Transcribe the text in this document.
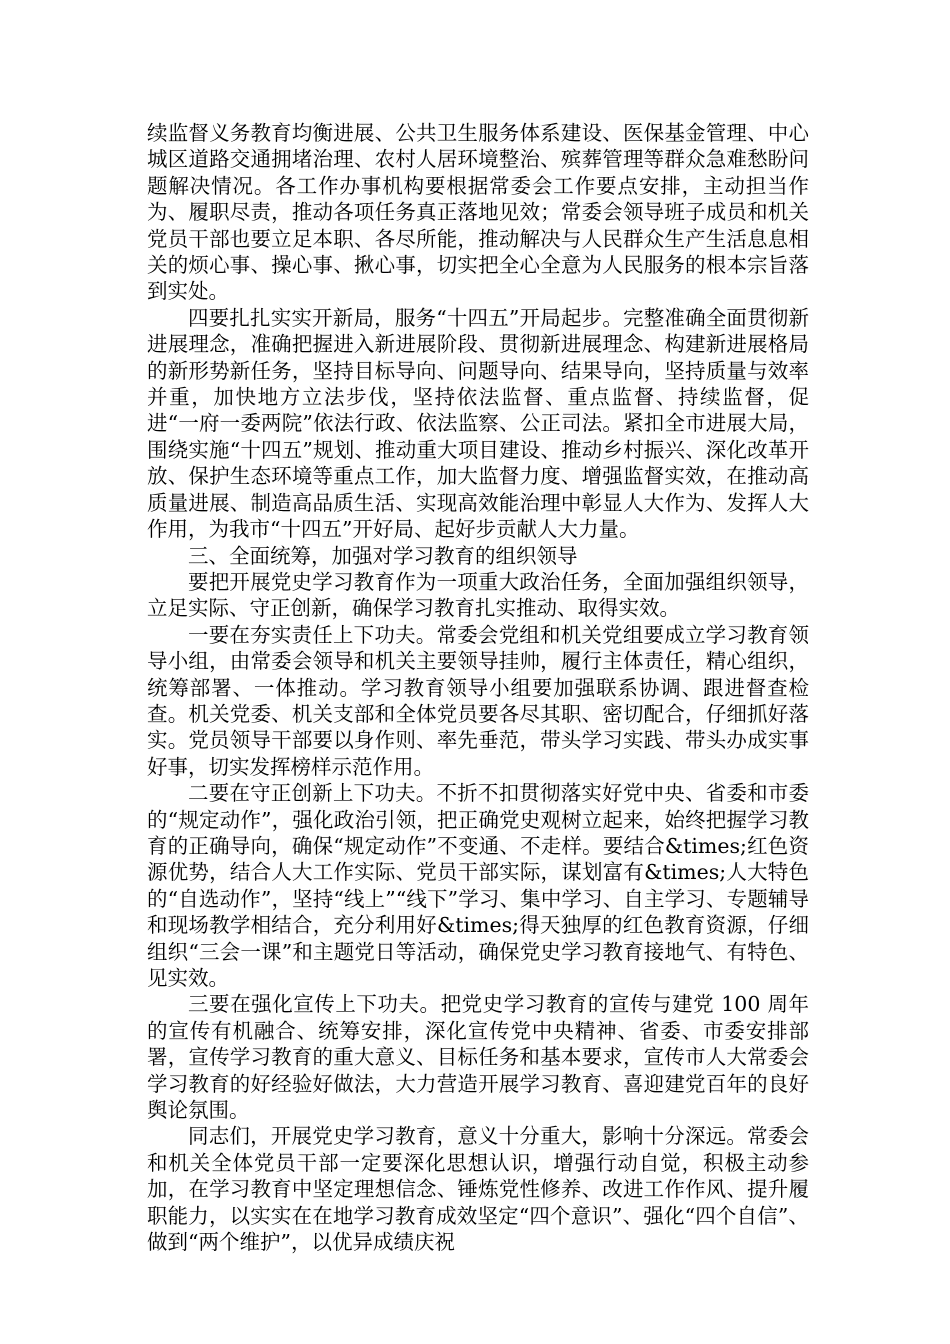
续监督义务教育均衡进展、公共卫生服务体系建设、医保基金管理、中心城区道路交通拥堵治理、农村人居环境整治、殡葬管理等群众急难愁盼问题解决情况。各工作办事机构要根据常委会工作要点安排，主动担当作为、履职尽责，推动各项任务真正落地见效；常委会领导班子成员和机关党员干部也要立足本职、各尽所能，推动解决与人民群众生产生活息息相关的烦心事、操心事、揪心事，切实把全心全意为人民服务的根本宗旨落到实处。

四要扎扎实实开新局，服务“十四五”开局起步。完整准确全面贯彻新进展理念，准确把握进入新进展阶段、贯彻新进展理念、构建新进展格局的新形势新任务，坚持目标导向、问题导向、结果导向，坚持质量与效率并重，加快地方立法步伐，坚持依法监督、重点监督、持续监督，促进“一府一委两院”依法行政、依法监察、公正司法。紧扣全市进展大局，围绕实施“十四五”规划、推动重大项目建设、推动乡村振兴、深化改革开放、保护生态环境等重点工作，加大监督力度、增强监督实效，在推动高质量进展、制造高品质生活、实现高效能治理中彰显人大作为、发挥人大作用，为我市“十四五”开好局、起好步贡献人大力量。

三、全面统筹，加强对学习教育的组织领导

要把开展党史学习教育作为一项重大政治任务，全面加强组织领导，立足实际、守正创新，确保学习教育扎实推动、取得实效。

一要在夯实责任上下功夫。常委会党组和机关党组要成立学习教育领导小组，由常委会领导和机关主要领导挂帅，履行主体责任，精心组织，统筹部署、一体推动。学习教育领导小组要加强联系协调、跟进督查检查。机关党委、机关支部和全体党员要各尽其职、密切配合，仔细抓好落实。党员领导干部要以身作则、率先垂范，带头学习实践、带头办成实事好事，切实发挥榜样示范作用。

二要在守正创新上下功夫。不折不扣贯彻落实好党中央、省委和市委的“规定动作”，强化政治引领，把正确党史观树立起来，始终把握学习教育的正确导向，确保“规定动作”不变通、不走样。要结合&times;红色资源优势，结合人大工作实际、党员干部实际，谋划富有&times;人大特色的“自选动作”，坚持“线上”“线下”学习、集中学习、自主学习、专题辅导和现场教学相结合，充分利用好&times;得天独厚的红色教育资源，仔细组织“三会一课”和主题党日等活动，确保党史学习教育接地气、有特色、见实效。

三要在强化宣传上下功夫。把党史学习教育的宣传与建党 100 周年的宣传有机融合、统筹安排，深化宣传党中央精神、省委、市委安排部署，宣传学习教育的重大意义、目标任务和基本要求，宣传市人大常委会学习教育的好经验好做法，大力营造开展学习教育、喜迎建党百年的良好舆论氛围。

同志们，开展党史学习教育，意义十分重大，影响十分深远。常委会和机关全体党员干部一定要深化思想认识，增强行动自觉，积极主动参加，在学习教育中坚定理想信念、锤炼党性修养、改进工作作风、提升履职能力，以实实在在地学习教育成效坚定“四个意识”、强化“四个自信”、做到“两个维护”，以优异成绩庆祝
